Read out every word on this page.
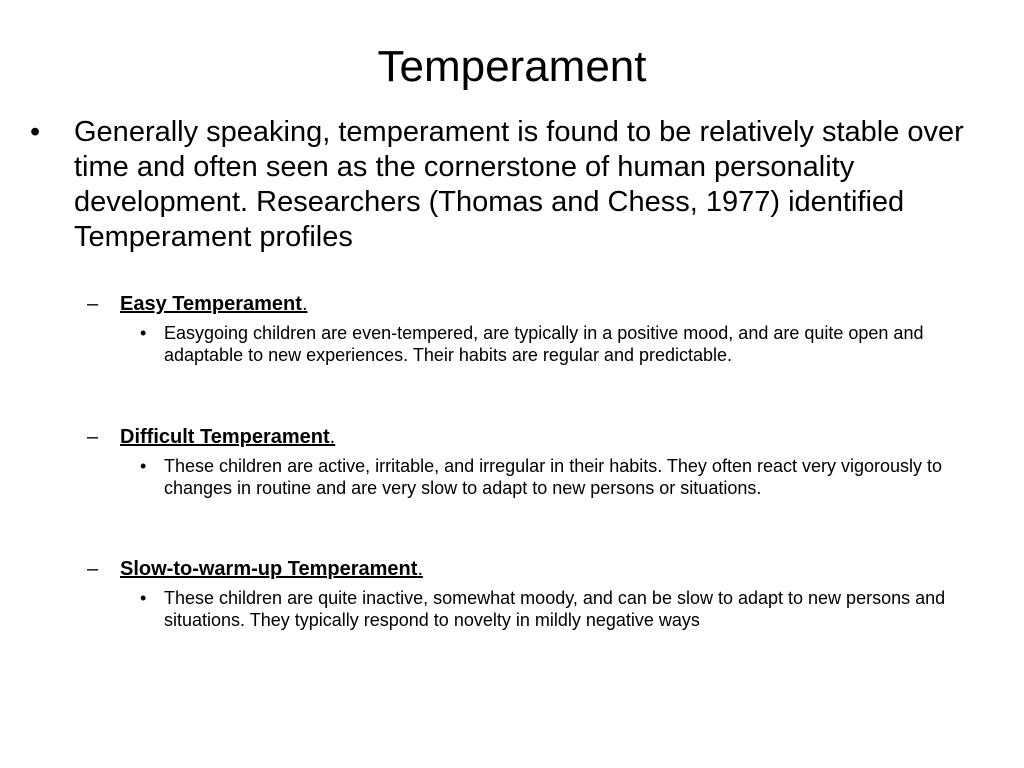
Temperament
• Generally speaking, temperament is found to be relatively stable over time and often seen as the cornerstone of human personality development. Researchers (Thomas and Chess, 1977) identified Temperament profiles
– Easy Temperament.
• Easygoing children are even-tempered, are typically in a positive mood, and are quite open and adaptable to new experiences. Their habits are regular and predictable.
– Difficult Temperament.
• These children are active, irritable, and irregular in their habits. They often react very vigorously to changes in routine and are very slow to adapt to new persons or situations.
– Slow-to-warm-up Temperament.
• These children are quite inactive, somewhat moody, and can be slow to adapt to new persons and situations. They typically respond to novelty in mildly negative ways
